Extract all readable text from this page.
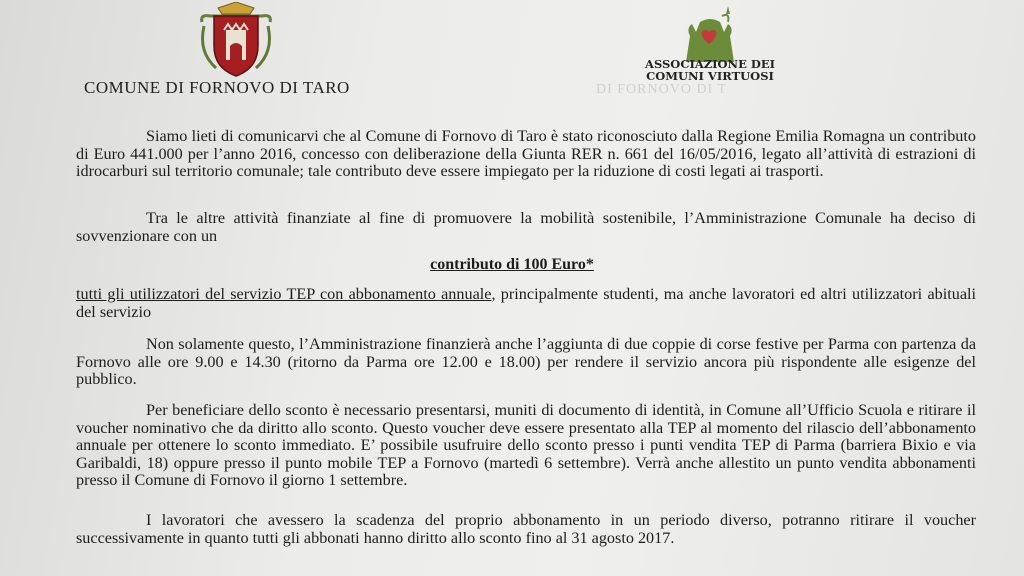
COMUNE DI FORNOVO DI TARO
ASSOCIAZIONE DEI
COMUNI VIRTUOSI
DI FORNOVO DI T
Siamo lieti di comunicarvi che al Comune di Fornovo di Taro è stato riconosciuto dalla Regione Emilia Romagna un contributo di Euro 441.000 per l’anno 2016, concesso con deliberazione della Giunta RER n. 661 del 16/05/2016, legato all’attività di estrazioni di idrocarburi sul territorio comunale; tale contributo deve essere impiegato per la riduzione di costi legati ai trasporti.
Tra le altre attività finanziate al fine di promuovere la mobilità sostenibile, l’Amministrazione Comunale ha deciso di sovvenzionare con un
contributo di 100 Euro*
tutti gli utilizzatori del servizio TEP con abbonamento annuale, principalmente studenti, ma anche lavoratori ed altri utilizzatori abituali del servizio
Non solamente questo, l’Amministrazione finanzierà anche l’aggiunta di due coppie di corse festive per Parma con partenza da Fornovo alle ore 9.00 e 14.30 (ritorno da Parma ore 12.00 e 18.00) per rendere il servizio ancora più rispondente alle esigenze del pubblico.
Per beneficiare dello sconto è necessario presentarsi, muniti di documento di identità, in Comune all’Ufficio Scuola e ritirare il voucher nominativo che da diritto allo sconto. Questo voucher deve essere presentato alla TEP al momento del rilascio dell’abbonamento annuale per ottenere lo sconto immediato. E’ possibile usufruire dello sconto presso i punti vendita TEP di Parma (barriera Bixio e via Garibaldi, 18) oppure presso il punto mobile TEP a Fornovo (martedì 6 settembre). Verrà anche allestito un punto vendita abbonamenti presso il Comune di Fornovo il giorno 1 settembre.
I lavoratori che avessero la scadenza del proprio abbonamento in un periodo diverso, potranno ritirare il voucher successivamente in quanto tutti gli abbonati hanno diritto allo sconto fino al 31 agosto 2017.
